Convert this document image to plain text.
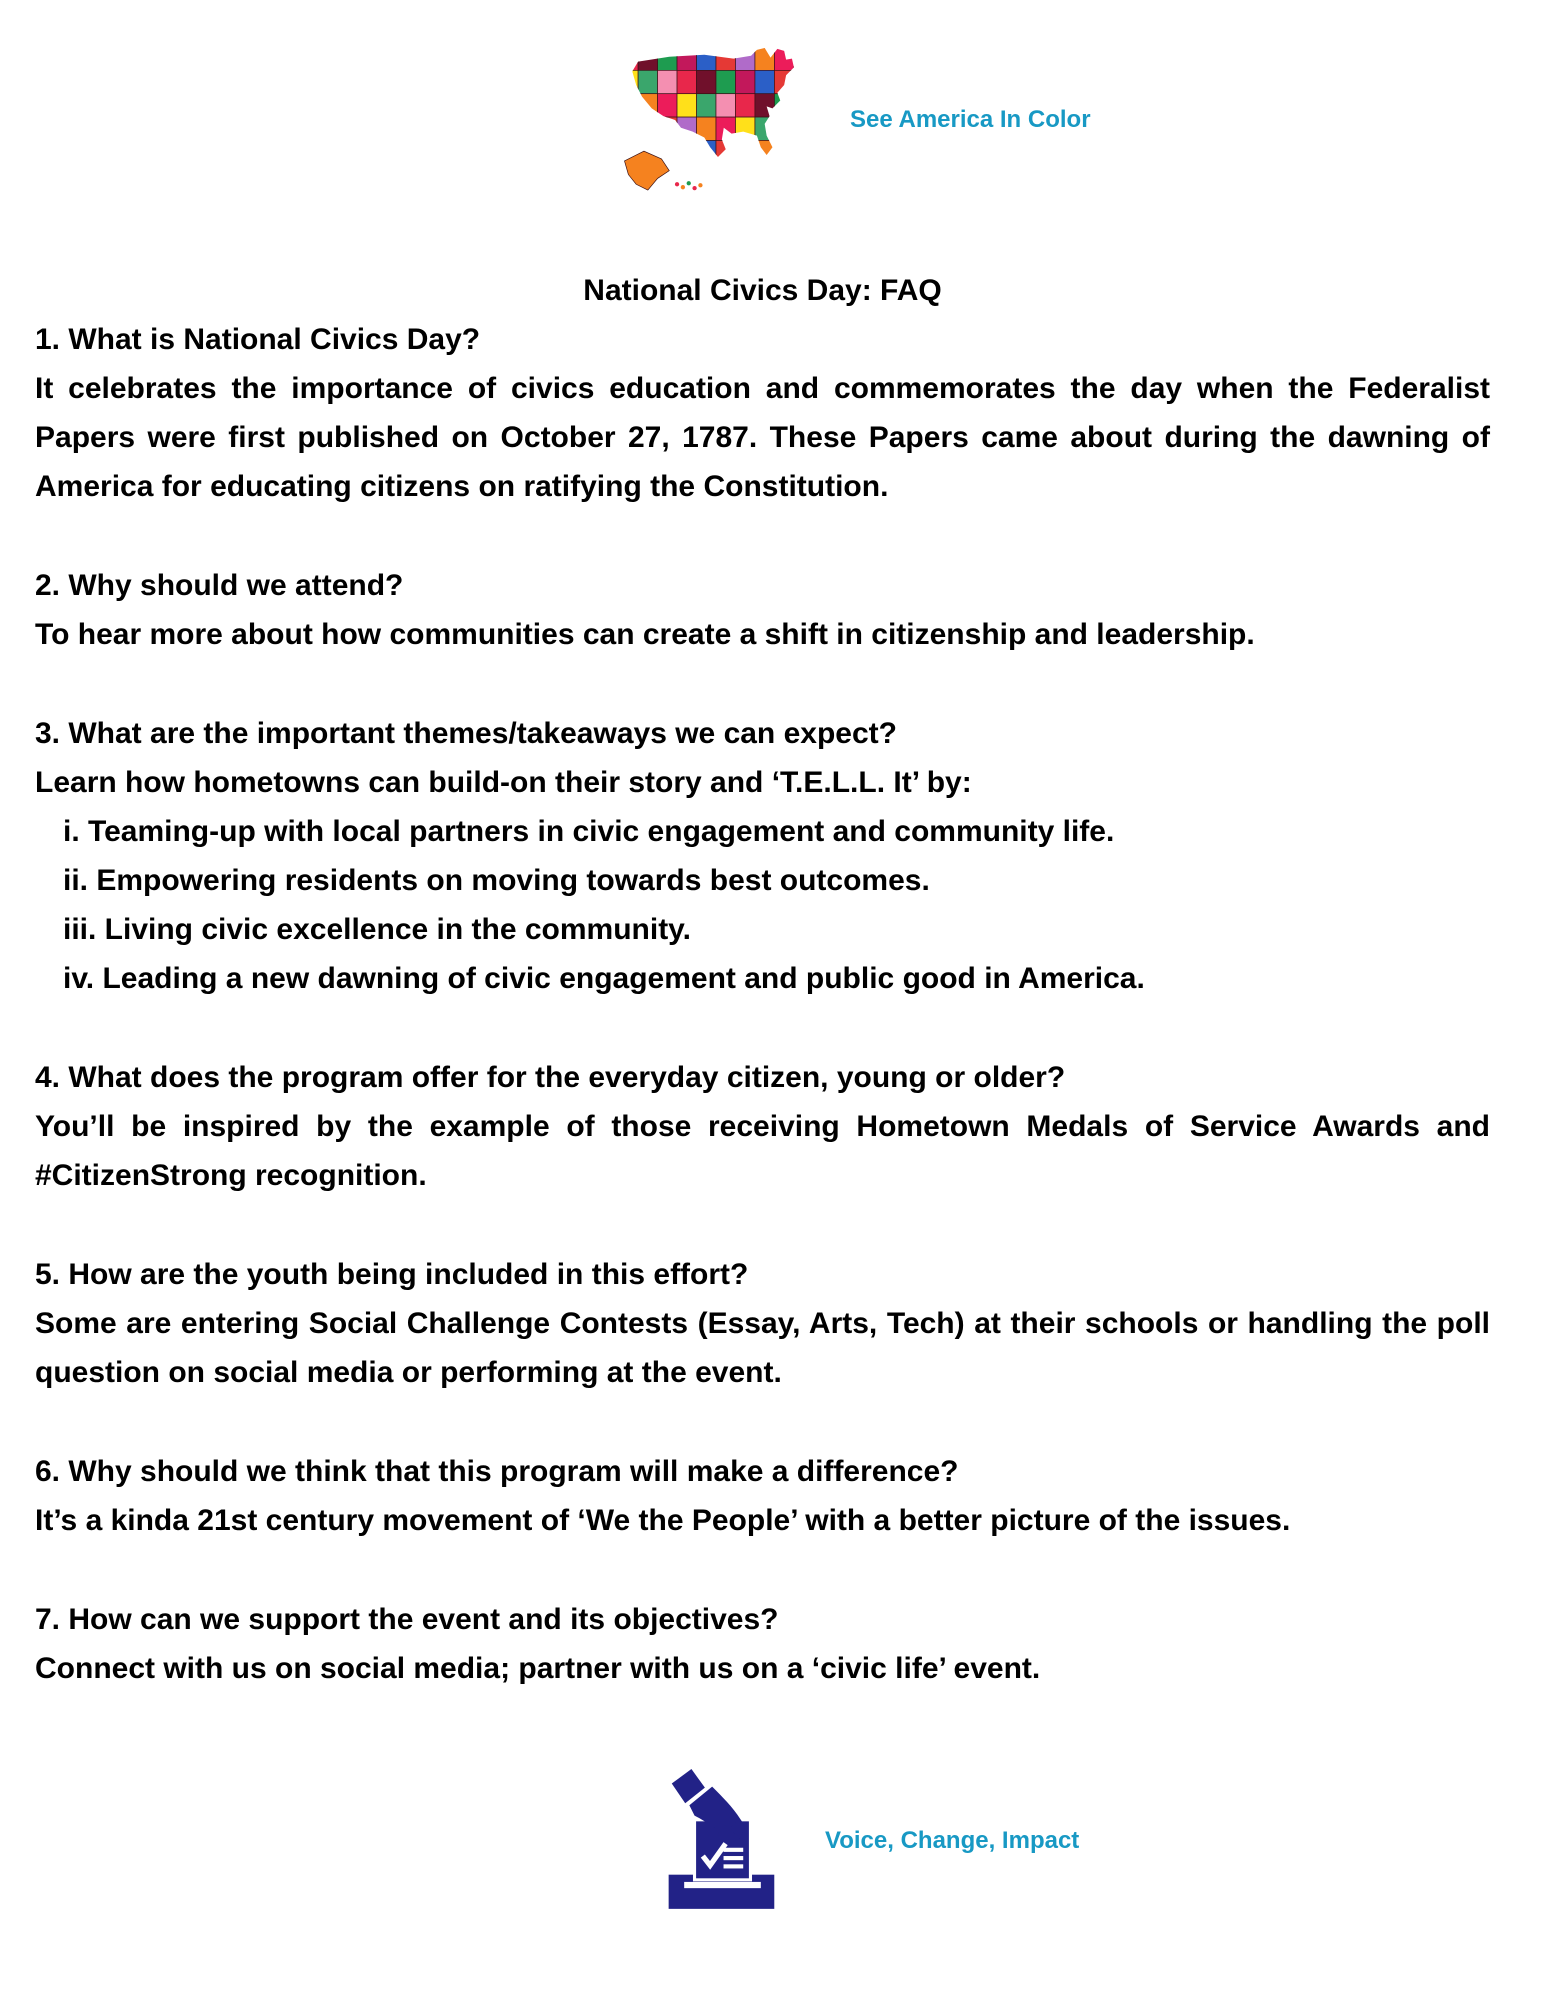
See America In Color
National Civics Day: FAQ

1. What is National Civics Day?

It celebrates the importance of civics education and commemorates the day when the Federalist Papers were first published on October 27, 1787. These Papers came about during the dawning of America for educating citizens on ratifying the Constitution.

2. Why should we attend?

To hear more about how communities can create a shift in citizenship and leadership.

3. What are the important themes/takeaways we can expect?

Learn how hometowns can build-on their story and ‘T.E.L.L. It’ by:

i. Teaming-up with local partners in civic engagement and community life.
ii. Empowering residents on moving towards best outcomes.
iii. Living civic excellence in the community.
iv. Leading a new dawning of civic engagement and public good in America.

4. What does the program offer for the everyday citizen, young or older?

You’ll be inspired by the example of those receiving Hometown Medals of Service Awards and #CitizenStrong recognition.

5. How are the youth being included in this effort?

Some are entering Social Challenge Contests (Essay, Arts, Tech) at their schools or handling the poll question on social media or performing at the event.

6. Why should we think that this program will make a difference?

It’s a kinda 21st century movement of ‘We the People’ with a better picture of the issues.

7. How can we support the event and its objectives?

Connect with us on social media; partner with us on a ‘civic life’ event.

Voice, Change, Impact
